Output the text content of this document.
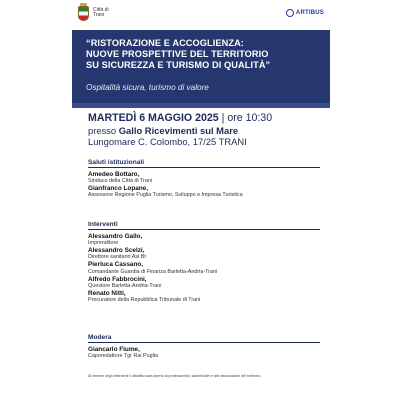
Città di
Trani	ARTIBUS
“RISTORAZIONE E ACCOGLIENZA:
NUOVE PROSPETTIVE DEL TERRITORIO
SU SICUREZZA E TURISMO DI QUALITÀ”
Ospitalità sicura, turismo di valore
MARTEDÌ 6 MAGGIO 2025 | ore 10:30
presso Gallo Ricevimenti sul Mare
Lungomare C. Colombo, 17/25 TRANI
Saluti istituzionali
Amedeo Bottaro,
Sindaco della Città di Trani
Gianfranco Lopane,
Assessore Regione Puglia Turismo, Sviluppo e Impresa Turistica
Interventi
Alessandro Gallo,
Imprenditore
Alessandro Scelzi,
Direttore sanitario Asl Bt
Pierluca Cassano,
Comandante Guardia di Finanza Barletta-Andria-Trani
Alfredo Fabbrocini,
Questore Barletta-Andria-Trani
Renato Nitti,
Procuratore della Repubblica Tribunale di Trani
Modera
Giancarlo Fiume,
Caporedattore Tgr Rai Puglia
Al termine degli interventi il dibattito sarà aperto ai professionisti, stakeholder e alle associazioni del territorio.
